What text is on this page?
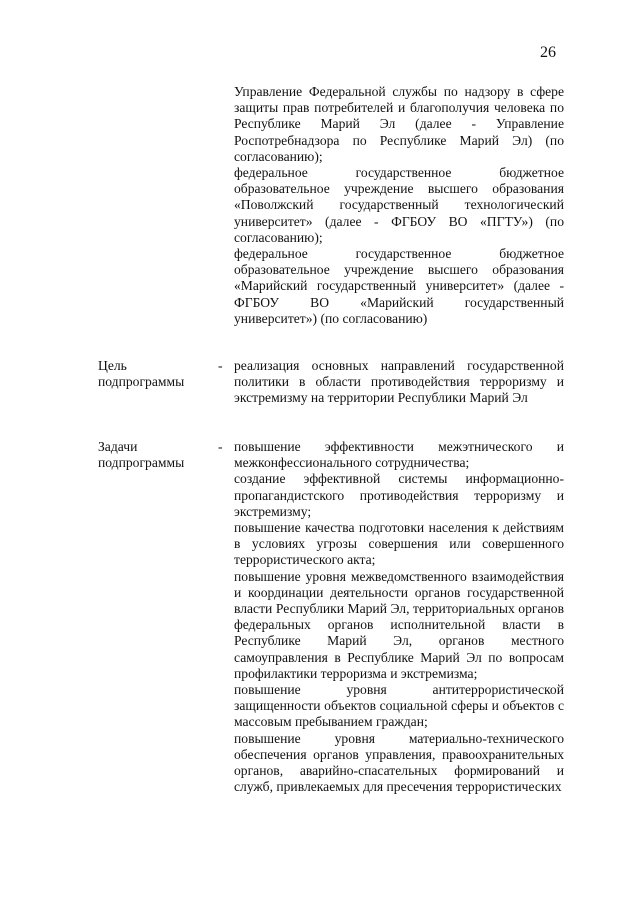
26

Управление Федеральной службы по надзору в сфере защиты прав потребителей и благополучия человека по Республике Марий Эл (далее - Управление Роспотребнадзора по Республике Марий Эл) (по согласованию);

федеральное государственное бюджетное образовательное учреждение высшего образования «Поволжский государственный технологический университет» (далее - ФГБОУ ВО «ПГТУ») (по согласованию);

федеральное государственное бюджетное образовательное учреждение высшего образования «Марийский государственный университет» (далее - ФГБОУ ВО «Марийский государственный университет») (по согласованию)

Цель
подпрограммы
- реализация основных направлений государственной политики в области противодействия терроризму и экстремизму на территории Республики Марий Эл

Задачи
подпрограммы
- повышение эффективности межэтнического и межконфессионального сотрудничества;

создание эффективной системы информационно-пропагандистского противодействия терроризму и экстремизму;

повышение качества подготовки населения к действиям в условиях угрозы совершения или совершенного террористического акта;

повышение уровня межведомственного взаимодействия и координации деятельности органов государственной власти Республики Марий Эл, территориальных органов федеральных органов исполнительной власти в Республике Марий Эл, органов местного самоуправления в Республике Марий Эл по вопросам профилактики терроризма и экстремизма;

повышение уровня антитеррористической защищенности объектов социальной сферы и объектов с массовым пребыванием граждан;

повышение уровня материально-технического обеспечения органов управления, правоохранительных органов, аварийно-спасательных формирований и служб, привлекаемых для пресечения террористических
